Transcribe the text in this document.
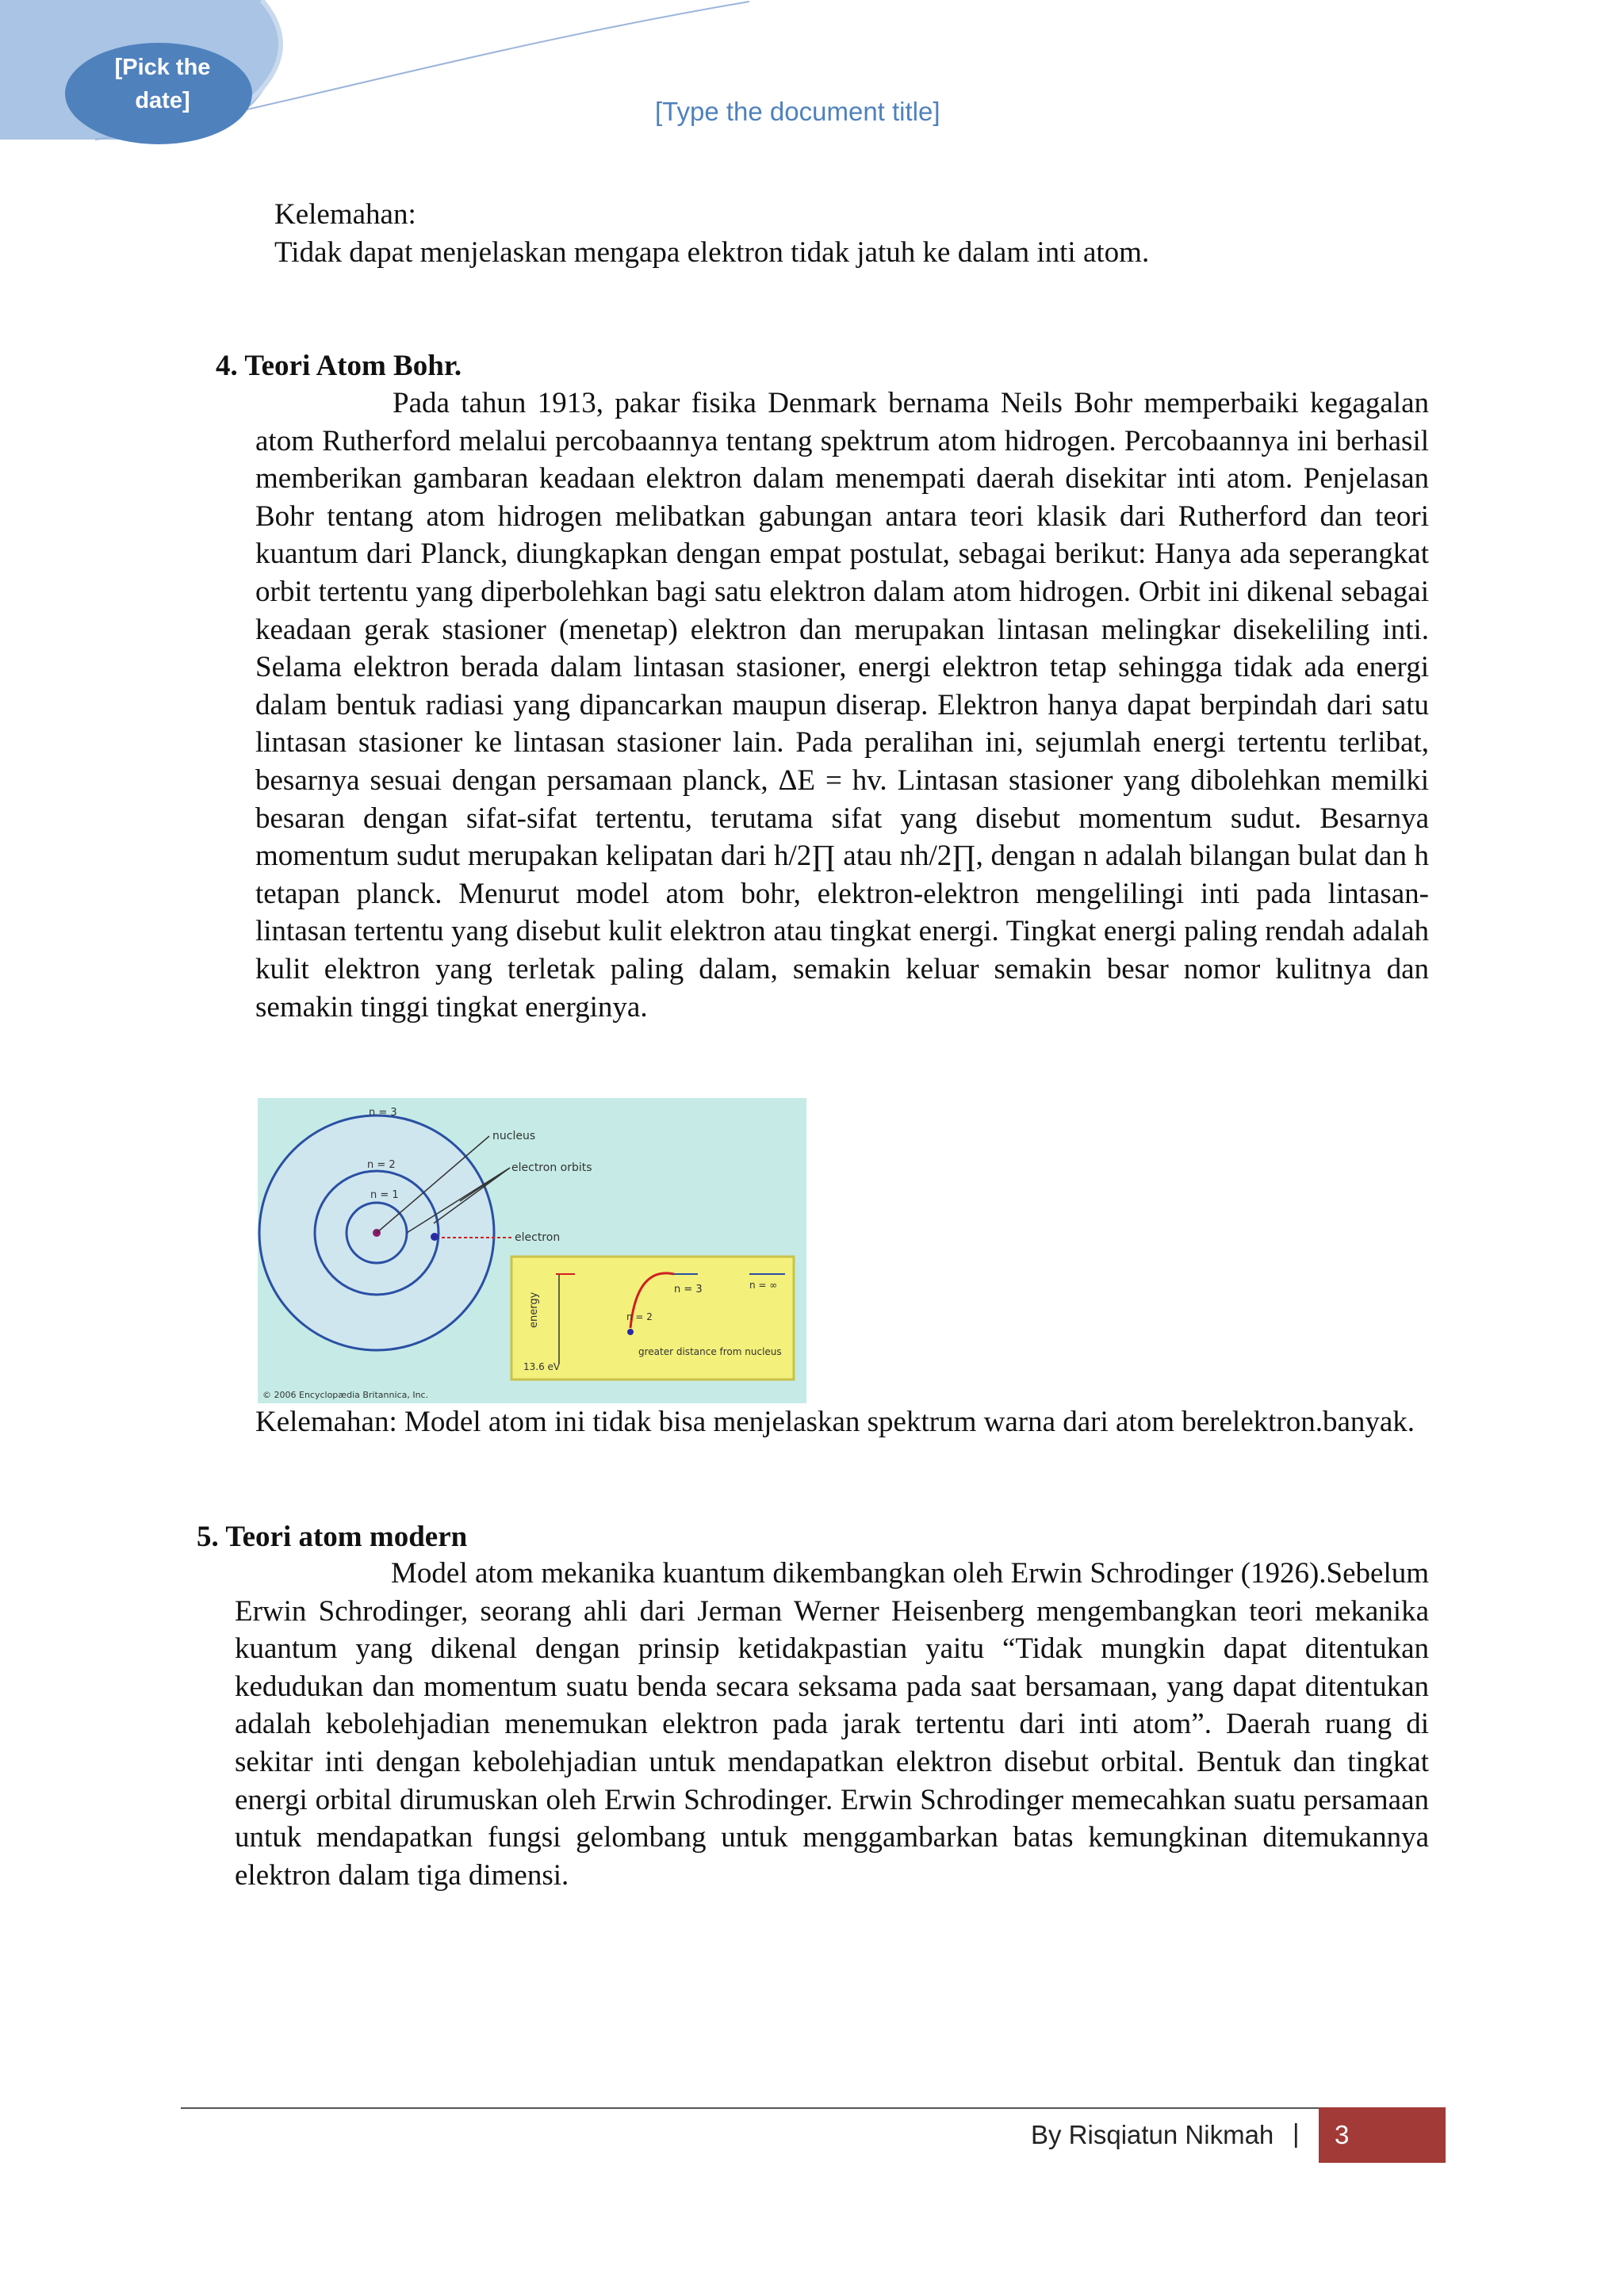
[Pick the date]	[Type the document title]

Kelemahan:

Tidak dapat menjelaskan mengapa elektron tidak jatuh ke dalam inti atom.

4. Teori Atom Bohr.

Pada tahun 1913, pakar fisika Denmark bernama Neils Bohr memperbaiki kegagalan atom Rutherford melalui percobaannya tentang spektrum atom hidrogen. Percobaannya ini berhasil memberikan gambaran keadaan elektron dalam menempati daerah disekitar inti atom. Penjelasan Bohr tentang atom hidrogen melibatkan gabungan antara teori klasik dari Rutherford dan teori kuantum dari Planck, diungkapkan dengan empat postulat, sebagai berikut: Hanya ada seperangkat orbit tertentu yang diperbolehkan bagi satu elektron dalam atom hidrogen. Orbit ini dikenal sebagai keadaan gerak stasioner (menetap) elektron dan merupakan lintasan melingkar disekeliling inti. Selama elektron berada dalam lintasan stasioner, energi elektron tetap sehingga tidak ada energi dalam bentuk radiasi yang dipancarkan maupun diserap. Elektron hanya dapat berpindah dari satu lintasan stasioner ke lintasan stasioner lain. Pada peralihan ini, sejumlah energi tertentu terlibat, besarnya sesuai dengan persamaan planck, ΔE = hv. Lintasan stasioner yang dibolehkan memilki besaran dengan sifat-sifat tertentu, terutama sifat yang disebut momentum sudut. Besarnya momentum sudut merupakan kelipatan dari h/2∏ atau nh/2∏, dengan n adalah bilangan bulat dan h tetapan planck. Menurut model atom bohr, elektron-elektron mengelilingi inti pada lintasan-lintasan tertentu yang disebut kulit elektron atau tingkat energi. Tingkat energi paling rendah adalah kulit elektron yang terletak paling dalam, semakin keluar semakin besar nomor kulitnya dan semakin tinggi tingkat energinya.

n = 3
n = 2
n = 1
nucleus
electron orbits
electron
energy
n = 3
n = 2
n = ∞
greater distance from nucleus
13.6 eV
© 2006 Encyclopædia Britannica, Inc.

Kelemahan: Model atom ini tidak bisa menjelaskan spektrum warna dari atom berelektron.banyak.

5. Teori atom modern

Model atom mekanika kuantum dikembangkan oleh Erwin Schrodinger (1926).Sebelum Erwin Schrodinger, seorang ahli dari Jerman Werner Heisenberg mengembangkan teori mekanika kuantum yang dikenal dengan prinsip ketidakpastian yaitu “Tidak mungkin dapat ditentukan kedudukan dan momentum suatu benda secara seksama pada saat bersamaan, yang dapat ditentukan adalah kebolehjadian menemukan elektron pada jarak tertentu dari inti atom”. Daerah ruang di sekitar inti dengan kebolehjadian untuk mendapatkan elektron disebut orbital. Bentuk dan tingkat energi orbital dirumuskan oleh Erwin Schrodinger. Erwin Schrodinger memecahkan suatu persamaan untuk mendapatkan fungsi gelombang untuk menggambarkan batas kemungkinan ditemukannya elektron dalam tiga dimensi.

By Risqiatun Nikmah |	3
